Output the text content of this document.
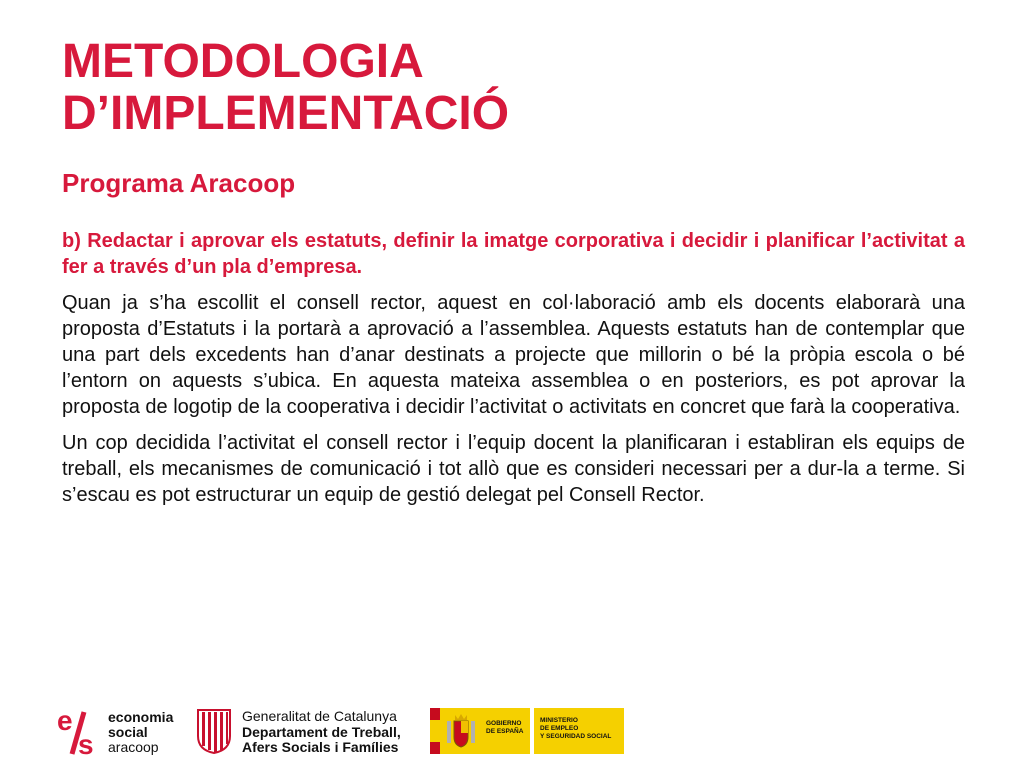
METODOLOGIA
D’IMPLEMENTACIÓ
Programa Aracoop

b) Redactar i aprovar els estatuts, definir la imatge corporativa i decidir i planificar l’activitat a fer a través d’un pla d’empresa.

Quan ja s’ha escollit el consell rector, aquest en col·laboració amb els docents elaborarà una proposta d’Estatuts i la portarà a aprovació a l’assemblea. Aquests estatuts han de contemplar que una part dels excedents han d’anar destinats a projecte que millorin o bé la pròpia escola o bé l’entorn on aquests s’ubica. En aquesta mateixa assemblea o en posteriors, es pot aprovar la proposta de logotip de la cooperativa i decidir l’activitat o activitats en concret que farà la cooperativa.

Un cop decidida l’activitat el consell rector i l’equip docent la planificaran i establiran els equips de treball, els mecanismes de comunicació i tot allò que es consideri necessari per a dur-la a terme. Si s’escau es pot estructurar un equip de gestió delegat pel Consell Rector.

e
s
economia
social
aracoop
Generalitat de Catalunya
Departament de Treball,
Afers Socials i Famílies
GOBIERNO
DE ESPAÑA
MINISTERIO
DE EMPLEO
Y SEGURIDAD SOCIAL
